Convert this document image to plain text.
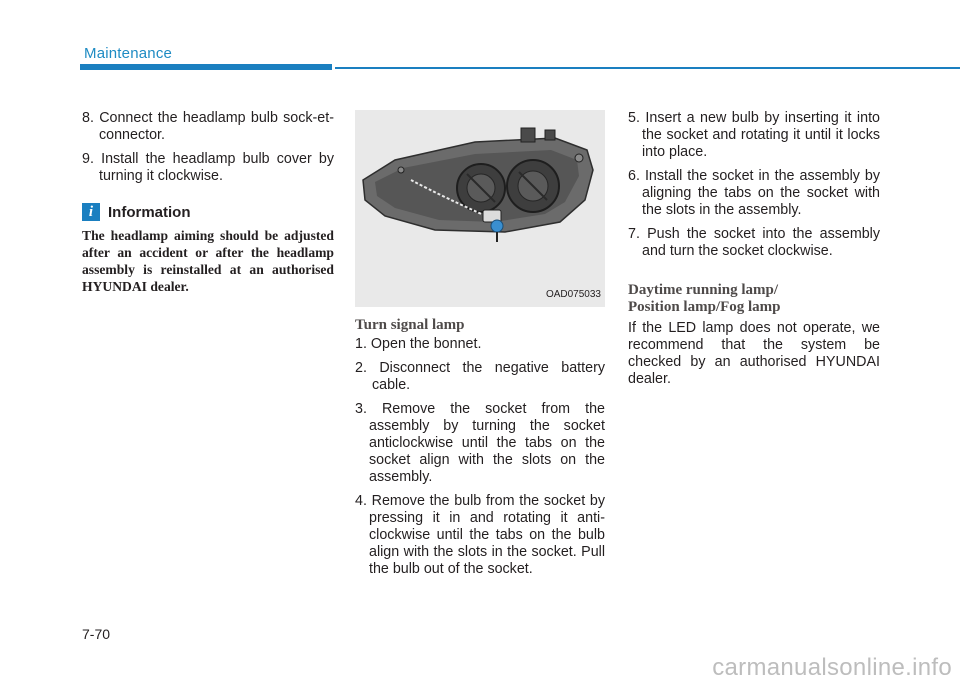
Maintenance

8. Connect the headlamp bulb sock-et-connector.

9. Install the headlamp bulb cover by turning it clockwise.

i Information

The headlamp aiming should be adjusted after an accident or after the headlamp assembly is reinstalled at an authorised HYUNDAI dealer.

OAD075033
Turn signal lamp

1. Open the bonnet.

2. Disconnect the negative battery cable.

3. Remove the socket from the assembly by turning the socket anticlockwise until the tabs on the socket align with the slots on the assembly.

4. Remove the bulb from the socket by pressing it in and rotating it anti-clockwise until the tabs on the bulb align with the slots in the socket. Pull the bulb out of the socket.

5. Insert a new bulb by inserting it into the socket and rotating it until it locks into place.

6. Install the socket in the assembly by aligning the tabs on the socket with the slots in the assembly.

7. Push the socket into the assembly and turn the socket clockwise.

Daytime running lamp/
Position lamp/Fog lamp

If the LED lamp does not operate, we recommend that the system be checked by an authorised HYUNDAI dealer.

7-70
carmanualsonline.info
